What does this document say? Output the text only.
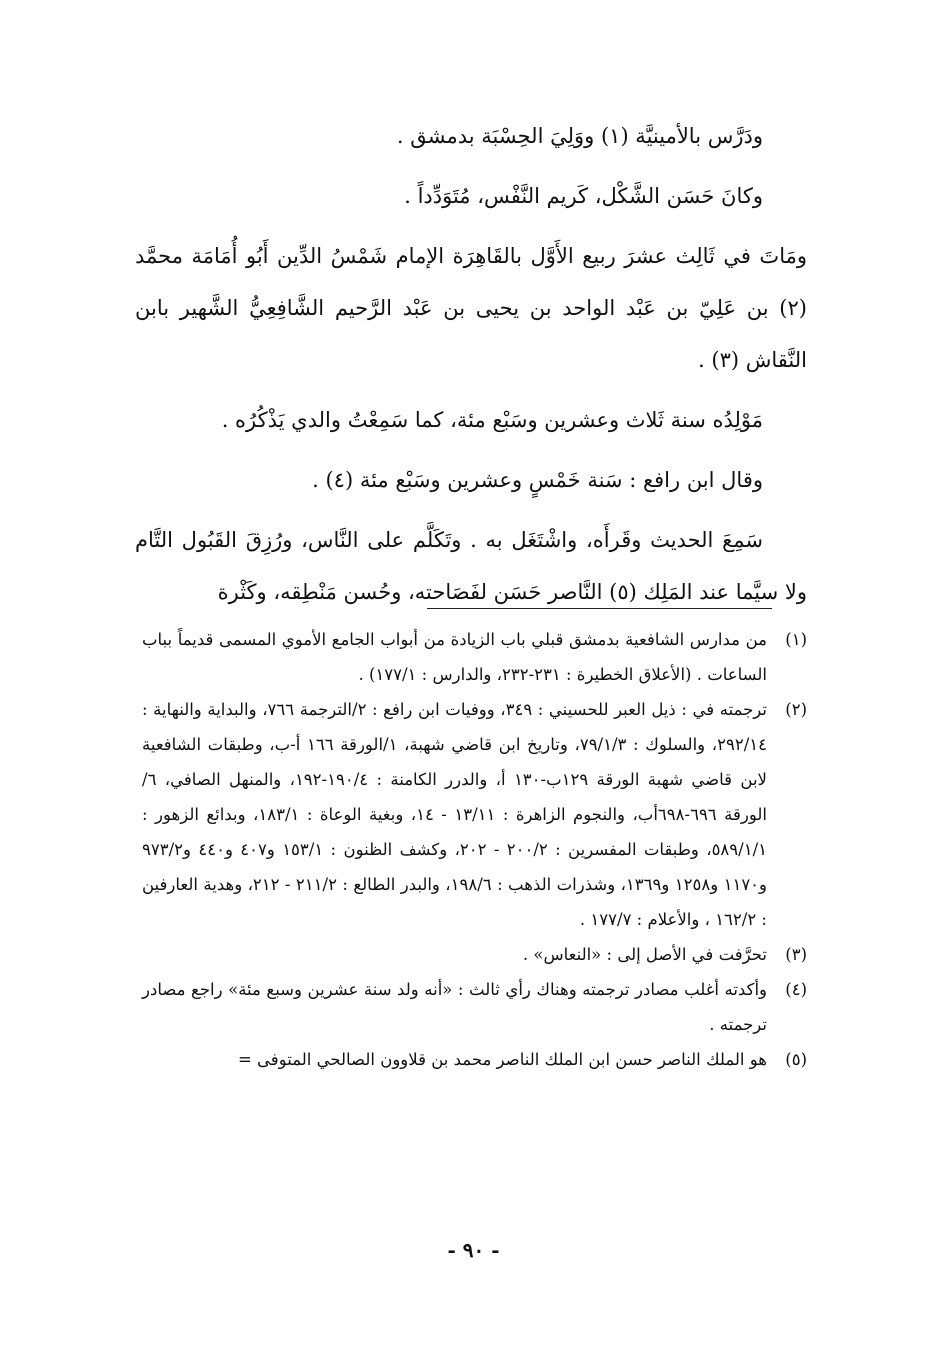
ودَرَّس بالأمينيَّة (١) ووَلِيَ الحِسْبَة بدمشق .

وكانَ حَسَن الشَّكْل، كَريم النَّفْس، مُتَوَدِّداً .

ومَاتَ في ثَالِث عشرَ ربيع الأَوَّل بالقَاهِرَة الإمام شَمْسُ الدِّين أَبُو أُمَامَة محمَّد (٢) بن عَلِيّ بن عَبْد الواحد بن يحيى بن عَبْد الرَّحيم الشَّافِعِيُّ الشَّهير بابن النَّقاش (٣) .

مَوْلِدُه سنة ثَلاث وعشرين وسَبْع مئة، كما سَمِعْتُ والدي يَذْكُرُه .

وقال ابن رافع : سَنة خَمْسٍ وعشرين وسَبْع مئة (٤) .

سَمِعَ الحديث وقَرأَه، واشْتَغَل به . وتَكَلَّم على النَّاس، ورُزِقَ القَبُول التَّام ولا سيَّما عند المَلِك (٥) النَّاصر حَسَن لفَصَاحته، وحُسن مَنْطِقه، وكَثْرة

(١)
من مدارس الشافعية بدمشق قبلي باب الزيادة من أبواب الجامع الأموي المسمى قديماً بباب الساعات . (الأعلاق الخطيرة : ٢٣١-٢٣٢، والدارس : ١٧٧/١) .

(٢)
ترجمته في : ذيل العبر للحسيني : ٣٤٩، ووفيات ابن رافع : ٢/الترجمة ٧٦٦، والبداية والنهاية : ٢٩٢/١٤، والسلوك : ٧٩/١/٣، وتاريخ ابن قاضي شهبة، ١/الورقة ١٦٦ أ-ب، وطبقات الشافعية لابن قاضي شهبة الورقة ١٢٩ب-١٣٠ أ، والدرر الكامنة : ١٩٠/٤-١٩٢، والمنهل الصافي، ٦/الورقة ٦٩٦-٦٩٨أب، والنجوم الزاهرة : ١٣/١١ - ١٤، وبغية الوعاة : ١٨٣/١، وبدائع الزهور : ٥٨٩/١/١، وطبقات المفسرين : ٢٠٠/٢ - ٢٠٢، وكشف الظنون : ١٥٣/١ و٤٠٧ و٤٤٠ و٩٧٣/٢ و١١٧٠ و١٢٥٨ و١٣٦٩، وشذرات الذهب : ١٩٨/٦، والبدر الطالع : ٢١١/٢ - ٢١٢، وهدية العارفين : ١٦٢/٢ ، والأعلام : ١٧٧/٧ .

(٣)
تحرَّفت في الأصل إلى : «النعاس» .

(٤)
وأكدته أغلب مصادر ترجمته وهناك رأي ثالث : «أنه ولد سنة عشرين وسبع مئة» راجع مصادر ترجمته .

(٥)
هو الملك الناصر حسن ابن الملك الناصر محمد بن قلاوون الصالحي المتوفى =

- ٩٠ -
